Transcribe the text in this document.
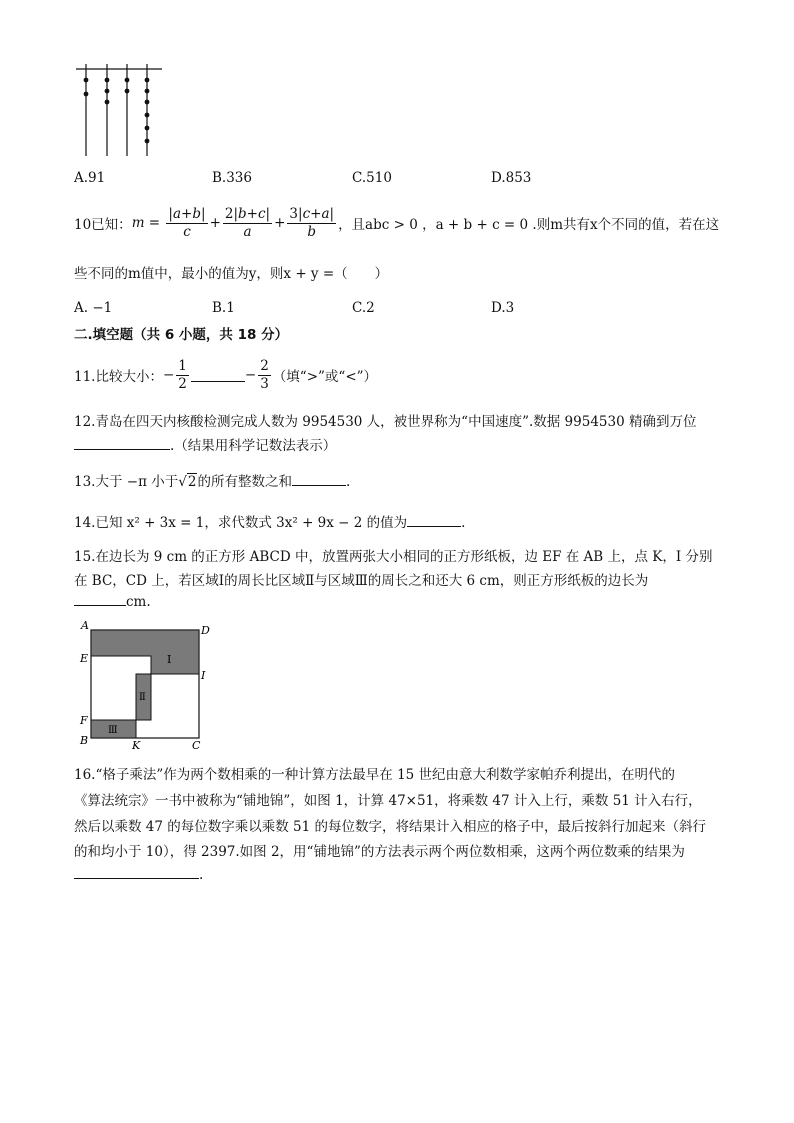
A.91	B.336	C.510	D.853
10已知： $m = \frac{|a+b|}{c} + \frac{2|b+c|}{a} + \frac{3|c+a|}{b}$ ，且abc > 0 ，a + b + c = 0 .则m共有x个不同的值，若在这
些不同的m值中，最小的值为y，则x + y =（　　）
A. −1	B.1	C.2	D.3
二.填空题（共 6 小题，共 18 分）
11.比较大小： − $\frac{1}{2}$	− $\frac{2}{3}$ （填“>”或“<”）
12.青岛在四天内核酸检测完成人数为 9954530 人，被世界称为“中国速度”.数据 9954530 精确到万位
.（结果用科学记数法表示）
13.大于 −π 小于 √2 的所有整数之和	.
14.已知 x² + 3x = 1，求代数式 3x² + 9x − 2 的值为	.
15.在边长为 9 cm 的正方形 ABCD 中，放置两张大小相同的正方形纸板，边 EF 在 AB 上，点 K，I 分别
在 BC，CD 上，若区域Ⅰ的周长比区域Ⅱ与区域Ⅲ的周长之和还大 6 cm，则正方形纸板的边长为
cm.
A	D
E
I
F
B	K	C
Ⅰ
Ⅱ
Ⅲ
16.“格子乘法”作为两个数相乘的一种计算方法最早在 15 世纪由意大利数学家帕乔利提出，在明代的
《算法统宗》一书中被称为“铺地锦”，如图 1，计算 47×51，将乘数 47 计入上行，乘数 51 计入右行，
然后以乘数 47 的每位数字乘以乘数 51 的每位数字，将结果计入相应的格子中，最后按斜行加起来（斜行
的和均小于 10），得 2397.如图 2，用“铺地锦”的方法表示两个两位数相乘，这两个两位数乘的结果为
.
